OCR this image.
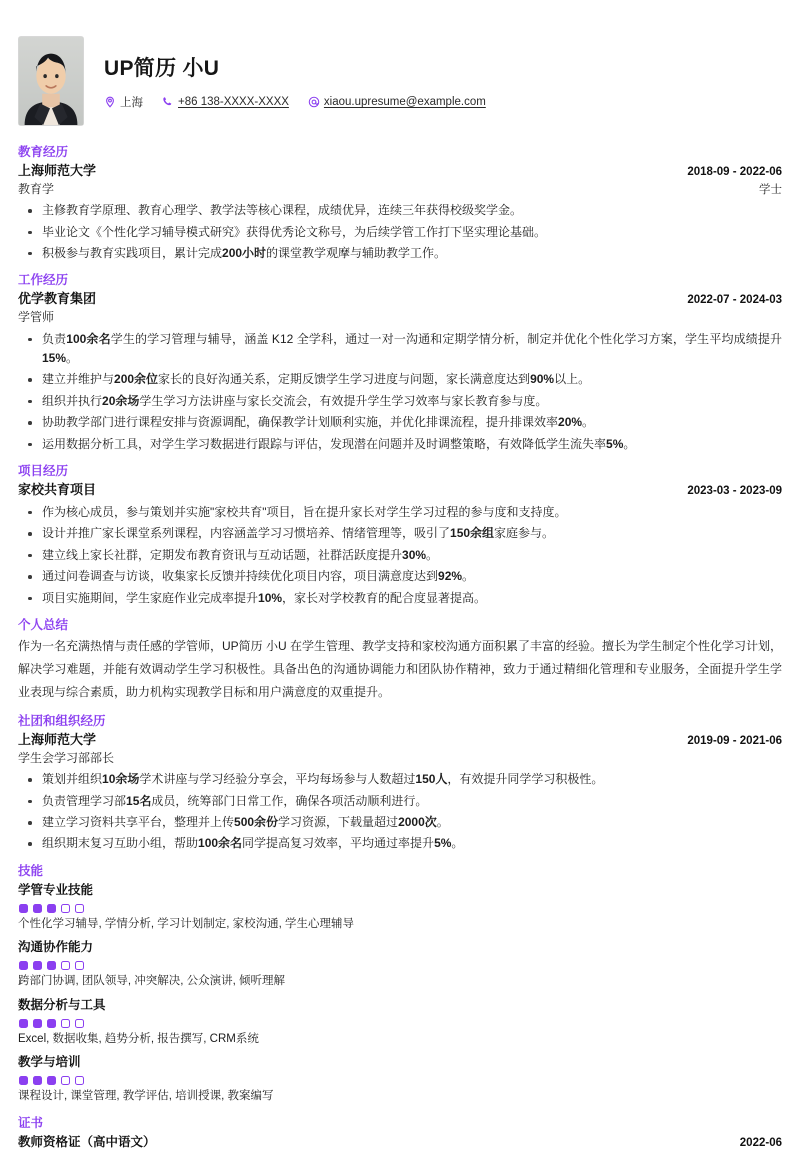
UP简历 小U
上海	+86 138-XXXX-XXXX	xiaou.upresume@example.com
教育经历
上海师范大学	2018-09 - 2022-06
教育学	学士
主修教育学原理、教育心理学、教学法等核心课程，成绩优异，连续三年获得校级奖学金。
毕业论文《个性化学习辅导模式研究》获得优秀论文称号，为后续学管工作打下坚实理论基础。
积极参与教育实践项目，累计完成200小时的课堂教学观摩与辅助教学工作。
工作经历
优学教育集团	2022-07 - 2024-03
学管师
负责100余名学生的学习管理与辅导，涵盖 K12 全学科，通过一对一沟通和定期学情分析，制定并优化个性化学习方案，学生平均成绩提升15%。
建立并维护与200余位家长的良好沟通关系，定期反馈学生学习进度与问题，家长满意度达到90%以上。
组织并执行20余场学生学习方法讲座与家长交流会，有效提升学生学习效率与家长教育参与度。
协助教学部门进行课程安排与资源调配，确保教学计划顺利实施，并优化排课流程，提升排课效率20%。
运用数据分析工具，对学生学习数据进行跟踪与评估，发现潜在问题并及时调整策略，有效降低学生流失率5%。
项目经历
家校共育项目	2023-03 - 2023-09
作为核心成员，参与策划并实施"家校共育"项目，旨在提升家长对学生学习过程的参与度和支持度。
设计并推广家长课堂系列课程，内容涵盖学习习惯培养、情绪管理等，吸引了150余组家庭参与。
建立线上家长社群，定期发布教育资讯与互动话题，社群活跃度提升30%。
通过问卷调查与访谈，收集家长反馈并持续优化项目内容，项目满意度达到92%。
项目实施期间，学生家庭作业完成率提升10%，家长对学校教育的配合度显著提高。
个人总结
作为一名充满热情与责任感的学管师，UP简历 小U 在学生管理、教学支持和家校沟通方面积累了丰富的经验。擅长为学生制定个性化学习计划，解决学习难题，并能有效调动学生学习积极性。具备出色的沟通协调能力和团队协作精神，致力于通过精细化管理和专业服务，全面提升学生学业表现与综合素质，助力机构实现教学目标和用户满意度的双重提升。
社团和组织经历
上海师范大学	2019-09 - 2021-06
学生会学习部部长
策划并组织10余场学术讲座与学习经验分享会，平均每场参与人数超过150人，有效提升同学学习积极性。
负责管理学习部15名成员，统筹部门日常工作，确保各项活动顺利进行。
建立学习资料共享平台，整理并上传500余份学习资源，下载量超过2000次。
组织期末复习互助小组，帮助100余名同学提高复习效率，平均通过率提升5%。
技能
学管专业技能
个性化学习辅导, 学情分析, 学习计划制定, 家校沟通, 学生心理辅导
沟通协作能力
跨部门协调, 团队领导, 冲突解决, 公众演讲, 倾听理解
数据分析与工具
Excel, 数据收集, 趋势分析, 报告撰写, CRM系统
教学与培训
课程设计, 课堂管理, 教学评估, 培训授课, 教案编写
证书
教师资格证（高中语文）	2022-06
